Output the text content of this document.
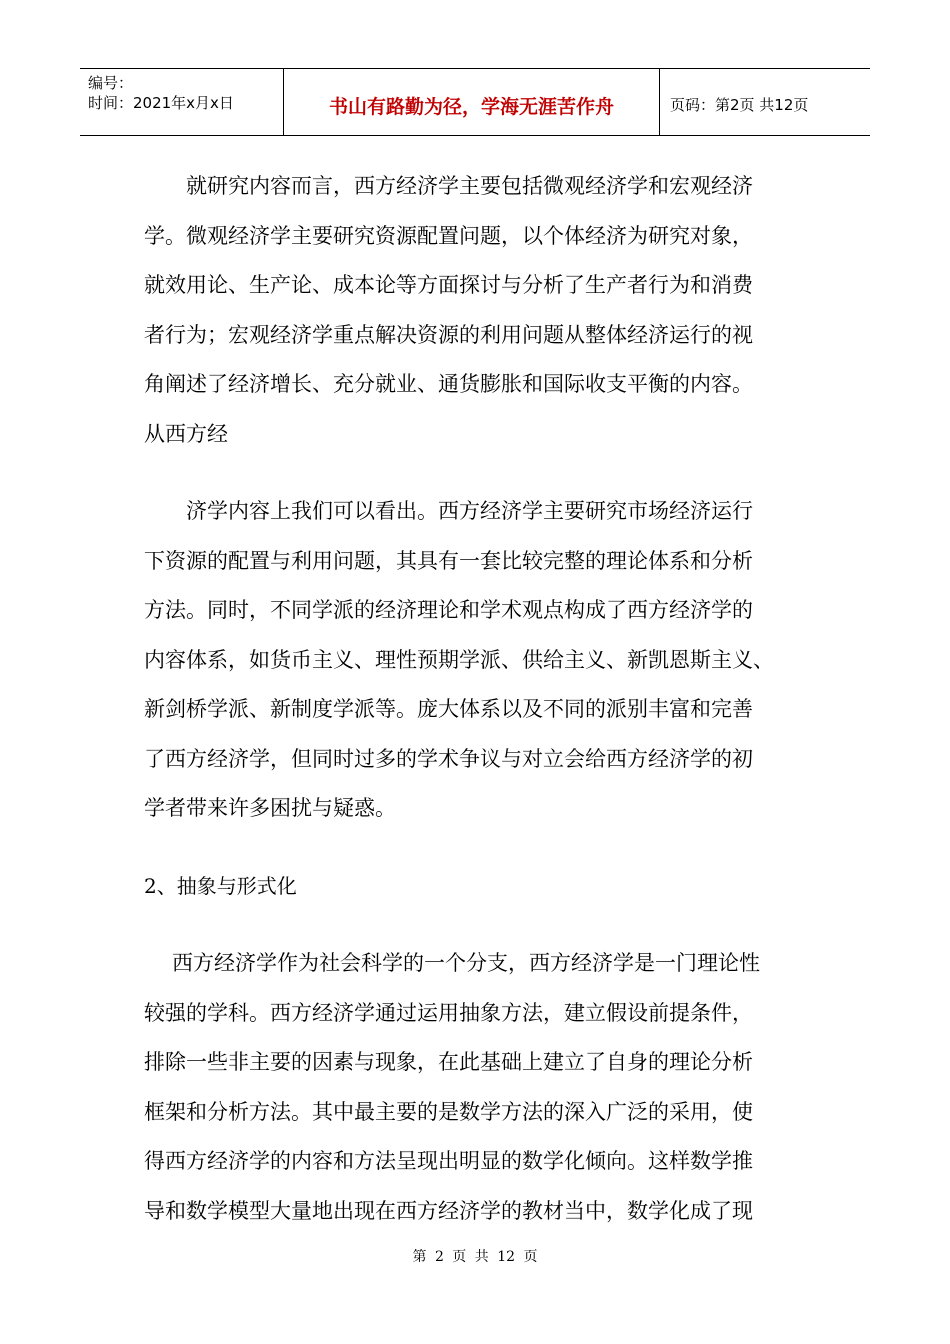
编号：
时间：2021年x月x日	书山有路勤为径，学海无涯苦作舟	页码：第2页 共12页

就研究内容而言，西方经济学主要包括微观经济学和宏观经济
学。微观经济学主要研究资源配置问题，以个体经济为研究对象，
就效用论、生产论、成本论等方面探讨与分析了生产者行为和消费
者行为；宏观经济学重点解决资源的利用问题从整体经济运行的视
角阐述了经济增长、充分就业、通货膨胀和国际收支平衡的内容。

从西方经

济学内容上我们可以看出。西方经济学主要研究市场经济运行
下资源的配置与利用问题，其具有一套比较完整的理论体系和分析
方法。同时，不同学派的经济理论和学术观点构成了西方经济学的
内容体系，如货币主义、理性预期学派、供给主义、新凯恩斯主义、
新剑桥学派、新制度学派等。庞大体系以及不同的派别丰富和完善
了西方经济学，但同时过多的学术争议与对立会给西方经济学的初
学者带来许多困扰与疑惑。

2、抽象与形式化

西方经济学作为社会科学的一个分支，西方经济学是一门理论性
较强的学科。西方经济学通过运用抽象方法，建立假设前提条件，
排除一些非主要的因素与现象，在此基础上建立了自身的理论分析
框架和分析方法。其中最主要的是数学方法的深入广泛的采用，使
得西方经济学的内容和方法呈现出明显的数学化倾向。这样数学推
导和数学模型大量地出现在西方经济学的教材当中，数学化成了现

第 2 页 共 12 页
